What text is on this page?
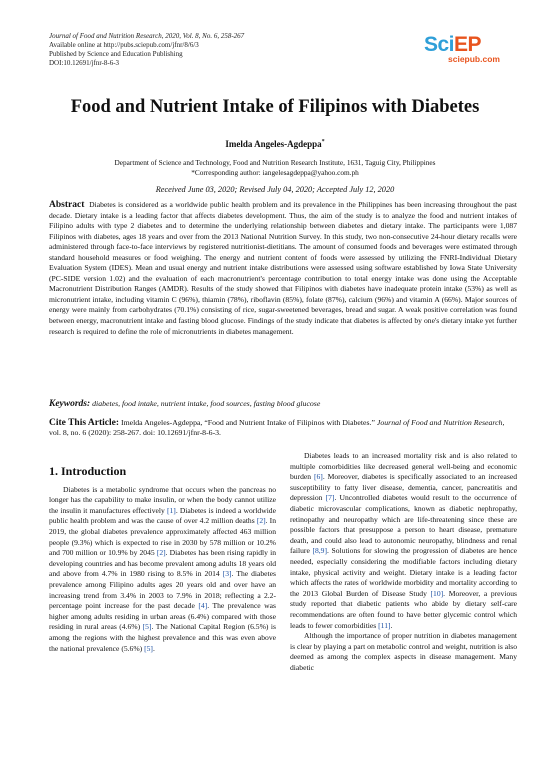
Journal of Food and Nutrition Research, 2020, Vol. 8, No. 6, 258-267
Available online at http://pubs.sciepub.com/jfnr/8/6/3
Published by Science and Education Publishing
DOI:10.12691/jfnr-8-6-3
SciEP
sciepub.com
Food and Nutrient Intake of Filipinos with Diabetes
Imelda Angeles-Agdeppa*
Department of Science and Technology, Food and Nutrition Research Institute, 1631, Taguig City, Philippines
*Corresponding author: iangelesagdeppa@yahoo.com.ph
Received June 03, 2020; Revised July 04, 2020; Accepted July 12, 2020
Abstract Diabetes is considered as a worldwide public health problem and its prevalence in the Philippines has been increasing throughout the past decade. Dietary intake is a leading factor that affects diabetes development. Thus, the aim of the study is to analyze the food and nutrient intakes of Filipino adults with type 2 diabetes and to determine the underlying relationship between diabetes and dietary intake. The participants were 1,087 Filipinos with diabetes, ages 18 years and over from the 2013 National Nutrition Survey. In this study, two non-consecutive 24-hour dietary recalls were administered through face-to-face interviews by registered nutritionist-dietitians. The amount of consumed foods and beverages were estimated through standard household measures or food weighing. The energy and nutrient content of foods were assessed by utilizing the FNRI-Individual Dietary Evaluation System (IDES). Mean and usual energy and nutrient intake distributions were assessed using software established by Iowa State University (PC-SIDE version 1.02) and the evaluation of each macronutrient's percentage contribution to total energy intake was done using the Acceptable Macronutrient Distribution Ranges (AMDR). Results of the study showed that Filipinos with diabetes have inadequate protein intake (53%) as well as micronutrient intake, including vitamin C (96%), thiamin (78%), riboflavin (85%), folate (87%), calcium (96%) and vitamin A (66%). Major sources of energy were mainly from carbohydrates (70.1%) consisting of rice, sugar-sweetened beverages, bread and sugar. A weak positive correlation was found between energy, macronutrient intake and fasting blood glucose. Findings of the study indicate that diabetes is affected by one's dietary intake yet further research is required to define the role of micronutrients in diabetes management.
Keywords: diabetes, food intake, nutrient intake, food sources, fasting blood glucose
Cite This Article: Imelda Angeles-Agdeppa, “Food and Nutrient Intake of Filipinos with Diabetes.” Journal of Food and Nutrition Research, vol. 8, no. 6 (2020): 258-267. doi: 10.12691/jfnr-8-6-3.
1. Introduction

Diabetes is a metabolic syndrome that occurs when the pancreas no longer has the capability to make insulin, or when the body cannot utilize the insulin it manufactures effectively [1]. Diabetes is indeed a worldwide public health problem and was the cause of over 4.2 million deaths [2]. In 2019, the global diabetes prevalence approximately affected 463 million people (9.3%) which is expected to rise in 2030 by 578 million or 10.2% and 700 million or 10.9% by 2045 [2]. Diabetes has been rising rapidly in developing countries and has become prevalent among adults 18 years old and above from 4.7% in 1980 rising to 8.5% in 2014 [3]. The diabetes prevalence among Filipino adults ages 20 years old and over have an increasing trend from 3.4% in 2003 to 7.9% in 2018; reflecting a 2.2-percentage point increase for the past decade [4]. The prevalence was higher among adults residing in urban areas (6.4%) compared with those residing in rural areas (4.6%) [5]. The National Capital Region (6.5%) is among the regions with the highest prevalence and this was even above the national prevalence (5.6%) [5].

Diabetes leads to an increased mortality risk and is also related to multiple comorbidities like decreased general well-being and economic burden [6]. Moreover, diabetes is specifically associated to an increased susceptibility to fatty liver disease, dementia, cancer, pancreatitis and depression [7]. Uncontrolled diabetes would result to the occurrence of diabetic microvascular complications, known as diabetic nephropathy, retinopathy and neuropathy which are life-threatening since these are possible factors that presuppose a person to heart disease, premature death, and could also lead to autonomic neuropathy, blindness and renal failure [8,9]. Solutions for slowing the progression of diabetes are hence needed, especially considering the modifiable factors including dietary intake, physical activity and weight. Dietary intake is a leading factor which affects the rates of worldwide morbidity and mortality according to the 2013 Global Burden of Disease Study [10]. Moreover, a previous study reported that diabetic patients who abide by dietary self-care recommendations are often found to have better glycemic control which leads to fewer comorbidities [11].

Although the importance of proper nutrition in diabetes management is clear by playing a part on metabolic control and weight, nutrition is also deemed as among the complex aspects in disease management. Many diabetic
